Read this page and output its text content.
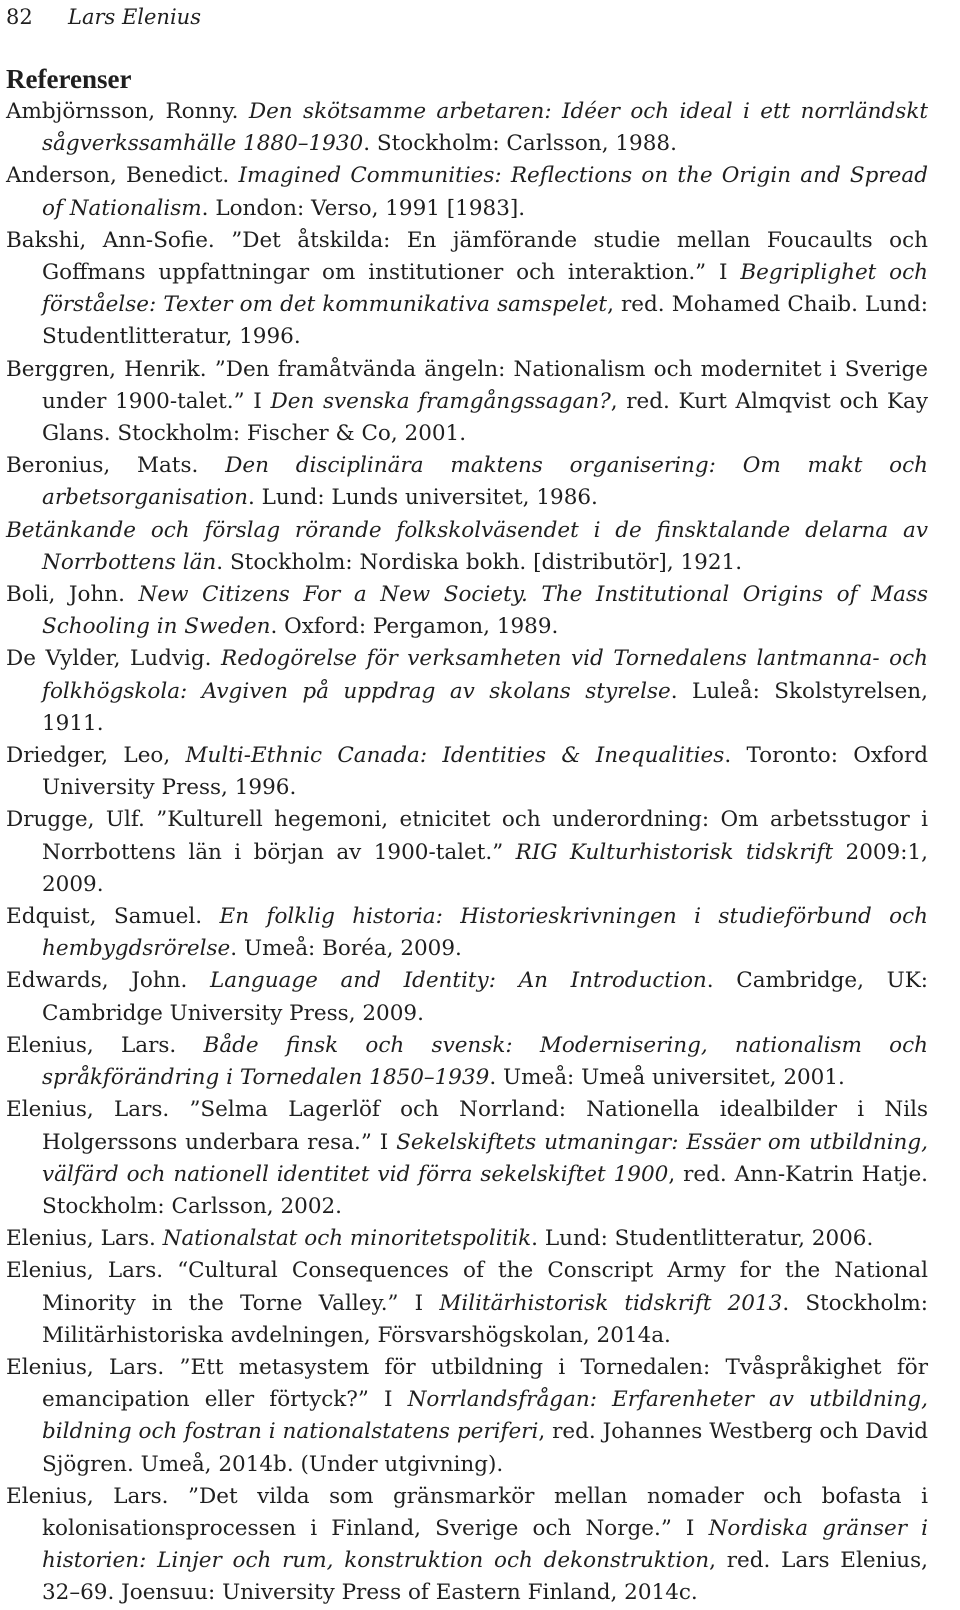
82 Lars Elenius
Referenser
Ambjörnsson, Ronny. Den skötsamme arbetaren: Idéer och ideal i ett norrländskt sågverkssamhälle 1880–1930. Stockholm: Carlsson, 1988.
Anderson, Benedict. Imagined Communities: Reflections on the Origin and Spread of Nationalism. London: Verso, 1991 [1983].
Bakshi, Ann-Sofie. ”Det åtskilda: En jämförande studie mellan Foucaults och Goffmans uppfattningar om institutioner och interaktion.” I Begriplighet och förståelse: Texter om det kommunikativa samspelet, red. Mohamed Chaib. Lund: Studentlitteratur, 1996.
Berggren, Henrik. ”Den framåtvända ängeln: Nationalism och modernitet i Sverige under 1900-talet.” I Den svenska framgångssagan?, red. Kurt Almqvist och Kay Glans. Stockholm: Fischer & Co, 2001.
Beronius, Mats. Den disciplinära maktens organisering: Om makt och arbetsorganisation. Lund: Lunds universitet, 1986.
Betänkande och förslag rörande folkskolväsendet i de finsktalande delarna av Norrbottens län. Stockholm: Nordiska bokh. [distributör], 1921.
Boli, John. New Citizens For a New Society. The Institutional Origins of Mass Schooling in Sweden. Oxford: Pergamon, 1989.
De Vylder, Ludvig. Redogörelse för verksamheten vid Tornedalens lantmanna- och folkhögskola: Avgiven på uppdrag av skolans styrelse. Luleå: Skolstyrelsen, 1911.
Driedger, Leo, Multi-Ethnic Canada: Identities & Inequalities. Toronto: Oxford University Press, 1996.
Drugge, Ulf. ”Kulturell hegemoni, etnicitet och underordning: Om arbetsstugor i Norrbottens län i början av 1900-talet.” RIG Kulturhistorisk tidskrift 2009:1, 2009.
Edquist, Samuel. En folklig historia: Historieskrivningen i studieförbund och hembygdsrörelse. Umeå: Boréa, 2009.
Edwards, John. Language and Identity: An Introduction. Cambridge, UK: Cambridge University Press, 2009.
Elenius, Lars. Både finsk och svensk: Modernisering, nationalism och språkförändring i Tornedalen 1850–1939. Umeå: Umeå universitet, 2001.
Elenius, Lars. ”Selma Lagerlöf och Norrland: Nationella idealbilder i Nils Holgerssons underbara resa.” I Sekelskiftets utmaningar: Essäer om utbildning, välfärd och nationell identitet vid förra sekelskiftet 1900, red. Ann-Katrin Hatje. Stockholm: Carlsson, 2002.
Elenius, Lars. Nationalstat och minoritetspolitik. Lund: Studentlitteratur, 2006.
Elenius, Lars. “Cultural Consequences of the Conscript Army for the National Minority in the Torne Valley.” I Militärhistorisk tidskrift 2013. Stockholm: Militärhistoriska avdelningen, Försvarshögskolan, 2014a.
Elenius, Lars. ”Ett metasystem för utbildning i Tornedalen: Tvåspråkighet för emancipation eller förtyck?” I Norrlandsfrågan: Erfarenheter av utbildning, bildning och fostran i nationalstatens periferi, red. Johannes Westberg och David Sjögren. Umeå, 2014b. (Under utgivning).
Elenius, Lars. ”Det vilda som gränsmarkör mellan nomader och bofasta i kolonisationsprocessen i Finland, Sverige och Norge.” I Nordiska gränser i historien: Linjer och rum, konstruktion och dekonstruktion, red. Lars Elenius, 32–69. Joensuu: University Press of Eastern Finland, 2014c.
